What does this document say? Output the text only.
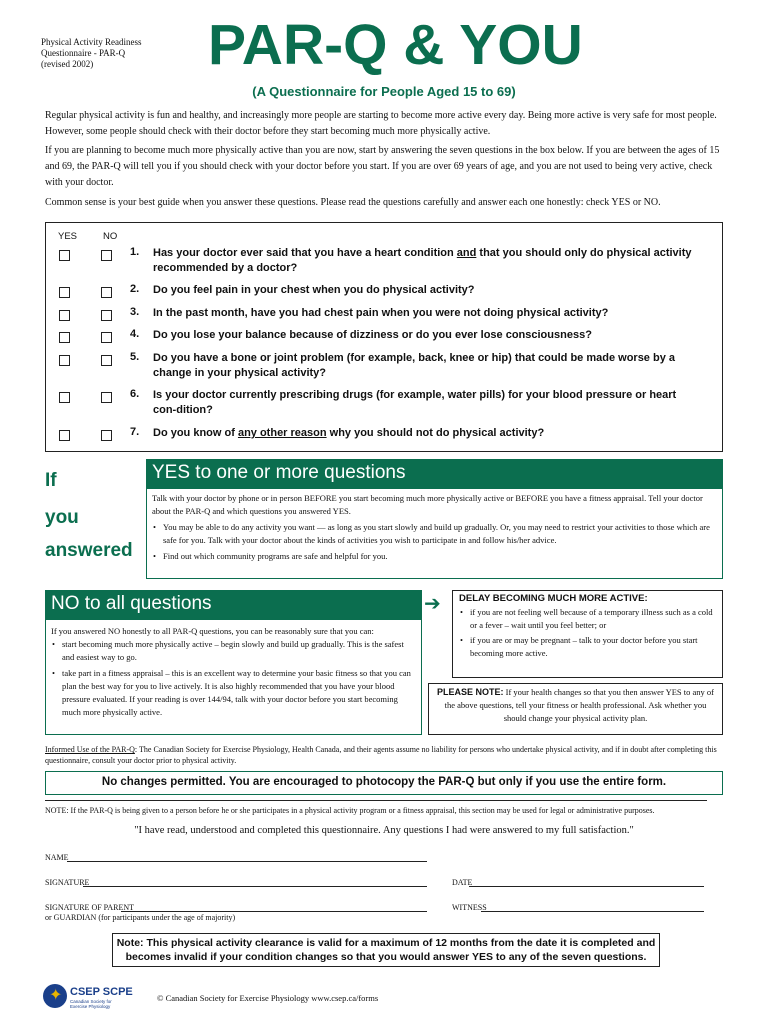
Physical Activity Readiness
Questionnaire - PAR-Q
(revised 2002)	PAR-Q & YOU
(A Questionnaire for People Aged 15 to 69)
Regular physical activity is fun and healthy, and increasingly more people are starting to become more active every day. Being more active is very safe for most people. However, some people should check with their doctor before they start becoming much more physically active.
If you are planning to become much more physically active than you are now, start by answering the seven questions in the box below. If you are between the ages of 15 and 69, the PAR-Q will tell you if you should check with your doctor before you start. If you are over 69 years of age, and you are not used to being very active, check with your doctor.
Common sense is your best guide when you answer these questions. Please read the questions carefully and answer each one honestly: check YES or NO.
YES	NO
1. Has your doctor ever said that you have a heart condition and that you should only do physical activity recommended by a doctor?
2. Do you feel pain in your chest when you do physical activity?
3. In the past month, have you had chest pain when you were not doing physical activity?
4. Do you lose your balance because of dizziness or do you ever lose consciousness?
5. Do you have a bone or joint problem (for example, back, knee or hip) that could be made worse by a change in your physical activity?
6. Is your doctor currently prescribing drugs (for example, water pills) for your blood pressure or heart con-dition?
7. Do you know of any other reason why you should not do physical activity?
If
you
answered
YES to one or more questions
Talk with your doctor by phone or in person BEFORE you start becoming much more physically active or BEFORE you have a fitness appraisal. Tell your doctor about the PAR-Q and which questions you answered YES.
• You may be able to do any activity you want — as long as you start slowly and build up gradually. Or, you may need to restrict your activities to those which are safe for you. Talk with your doctor about the kinds of activities you wish to participate in and follow his/her advice.
• Find out which community programs are safe and helpful for you.
NO to all questions
If you answered NO honestly to all PAR-Q questions, you can be reasonably sure that you can:
• start becoming much more physically active – begin slowly and build up gradually. This is the safest and easiest way to go.
• take part in a fitness appraisal – this is an excellent way to determine your basic fitness so that you can plan the best way for you to live actively. It is also highly recommended that you have your blood pressure evaluated. If your reading is over 144/94, talk with your doctor before you start becoming much more physically active.
➔ DELAY BECOMING MUCH MORE ACTIVE:
• if you are not feeling well because of a temporary illness such as a cold or a fever – wait until you feel better; or
• if you are or may be pregnant – talk to your doctor before you start becoming more active.
PLEASE NOTE: If your health changes so that you then answer YES to any of the above questions, tell your fitness or health professional. Ask whether you should change your physical activity plan.
Informed Use of the PAR-Q: The Canadian Society for Exercise Physiology, Health Canada, and their agents assume no liability for persons who undertake physical activity, and if in doubt after completing this questionnaire, consult your doctor prior to physical activity.
No changes permitted. You are encouraged to photocopy the PAR-Q but only if you use the entire form.
NOTE: If the PAR-Q is being given to a person before he or she participates in a physical activity program or a fitness appraisal, this section may be used for legal or administrative purposes.
"I have read, understood and completed this questionnaire. Any questions I had were answered to my full satisfaction."
NAME
SIGNATURE	DATE
SIGNATURE OF PARENT
or GUARDIAN (for participants under the age of majority)
WITNESS
Note: This physical activity clearance is valid for a maximum of 12 months from the date it is completed and
becomes invalid if your condition changes so that you would answer YES to any of the seven questions.
✦ CSEP SCPE
Canadian Society for Exercise Physiology
© Canadian Society for Exercise Physiology www.csep.ca/forms
